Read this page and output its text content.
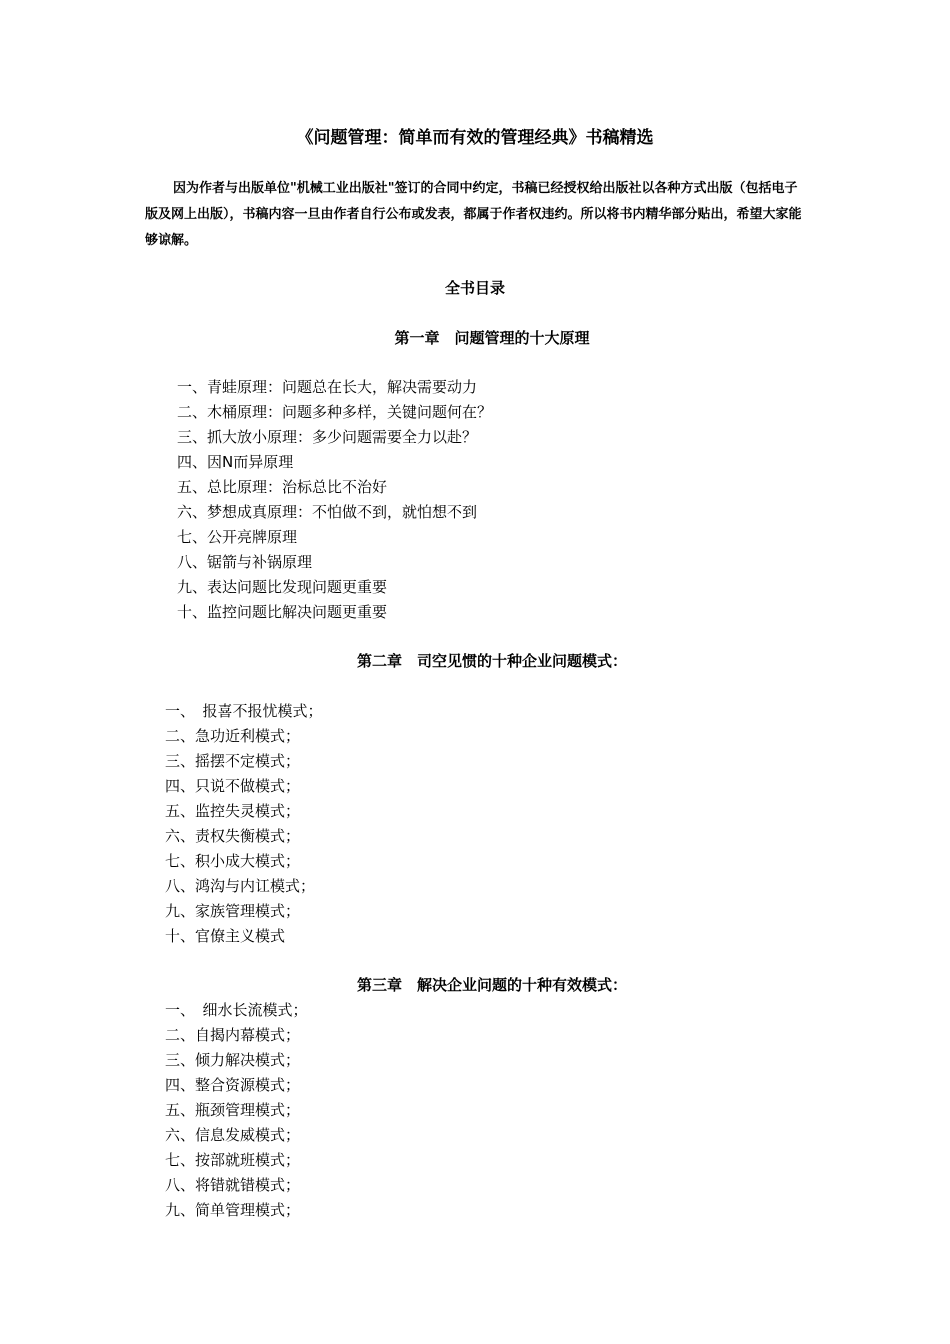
《问题管理：简单而有效的管理经典》书稿精选

因为作者与出版单位"机械工业出版社"签订的合同中约定，书稿已经授权给出版社以各种方式出版（包括电子版及网上出版），书稿内容一旦由作者自行公布或发表，都属于作者权违约。所以将书内精华部分贴出，希望大家能够谅解。

全书目录
第一章　问题管理的十大原理
一、青蛙原理：问题总在长大，解决需要动力
二、木桶原理：问题多种多样，关键问题何在？
三、抓大放小原理：多少问题需要全力以赴？
四、因N而异原理
五、总比原理：治标总比不治好
六、梦想成真原理：不怕做不到，就怕想不到
七、公开亮牌原理
八、锯箭与补锅原理
九、表达问题比发现问题更重要
十、监控问题比解决问题更重要
第二章　司空见惯的十种企业问题模式：
一、　报喜不报忧模式；
二、急功近利模式；
三、摇摆不定模式；
四、只说不做模式；
五、监控失灵模式；
六、责权失衡模式；
七、积小成大模式；
八、鸿沟与内讧模式；
九、家族管理模式；
十、官僚主义模式
第三章　解决企业问题的十种有效模式：
一、　细水长流模式；
二、自揭内幕模式；
三、倾力解决模式；
四、整合资源模式；
五、瓶颈管理模式；
六、信息发威模式；
七、按部就班模式；
八、将错就错模式；
九、简单管理模式；
